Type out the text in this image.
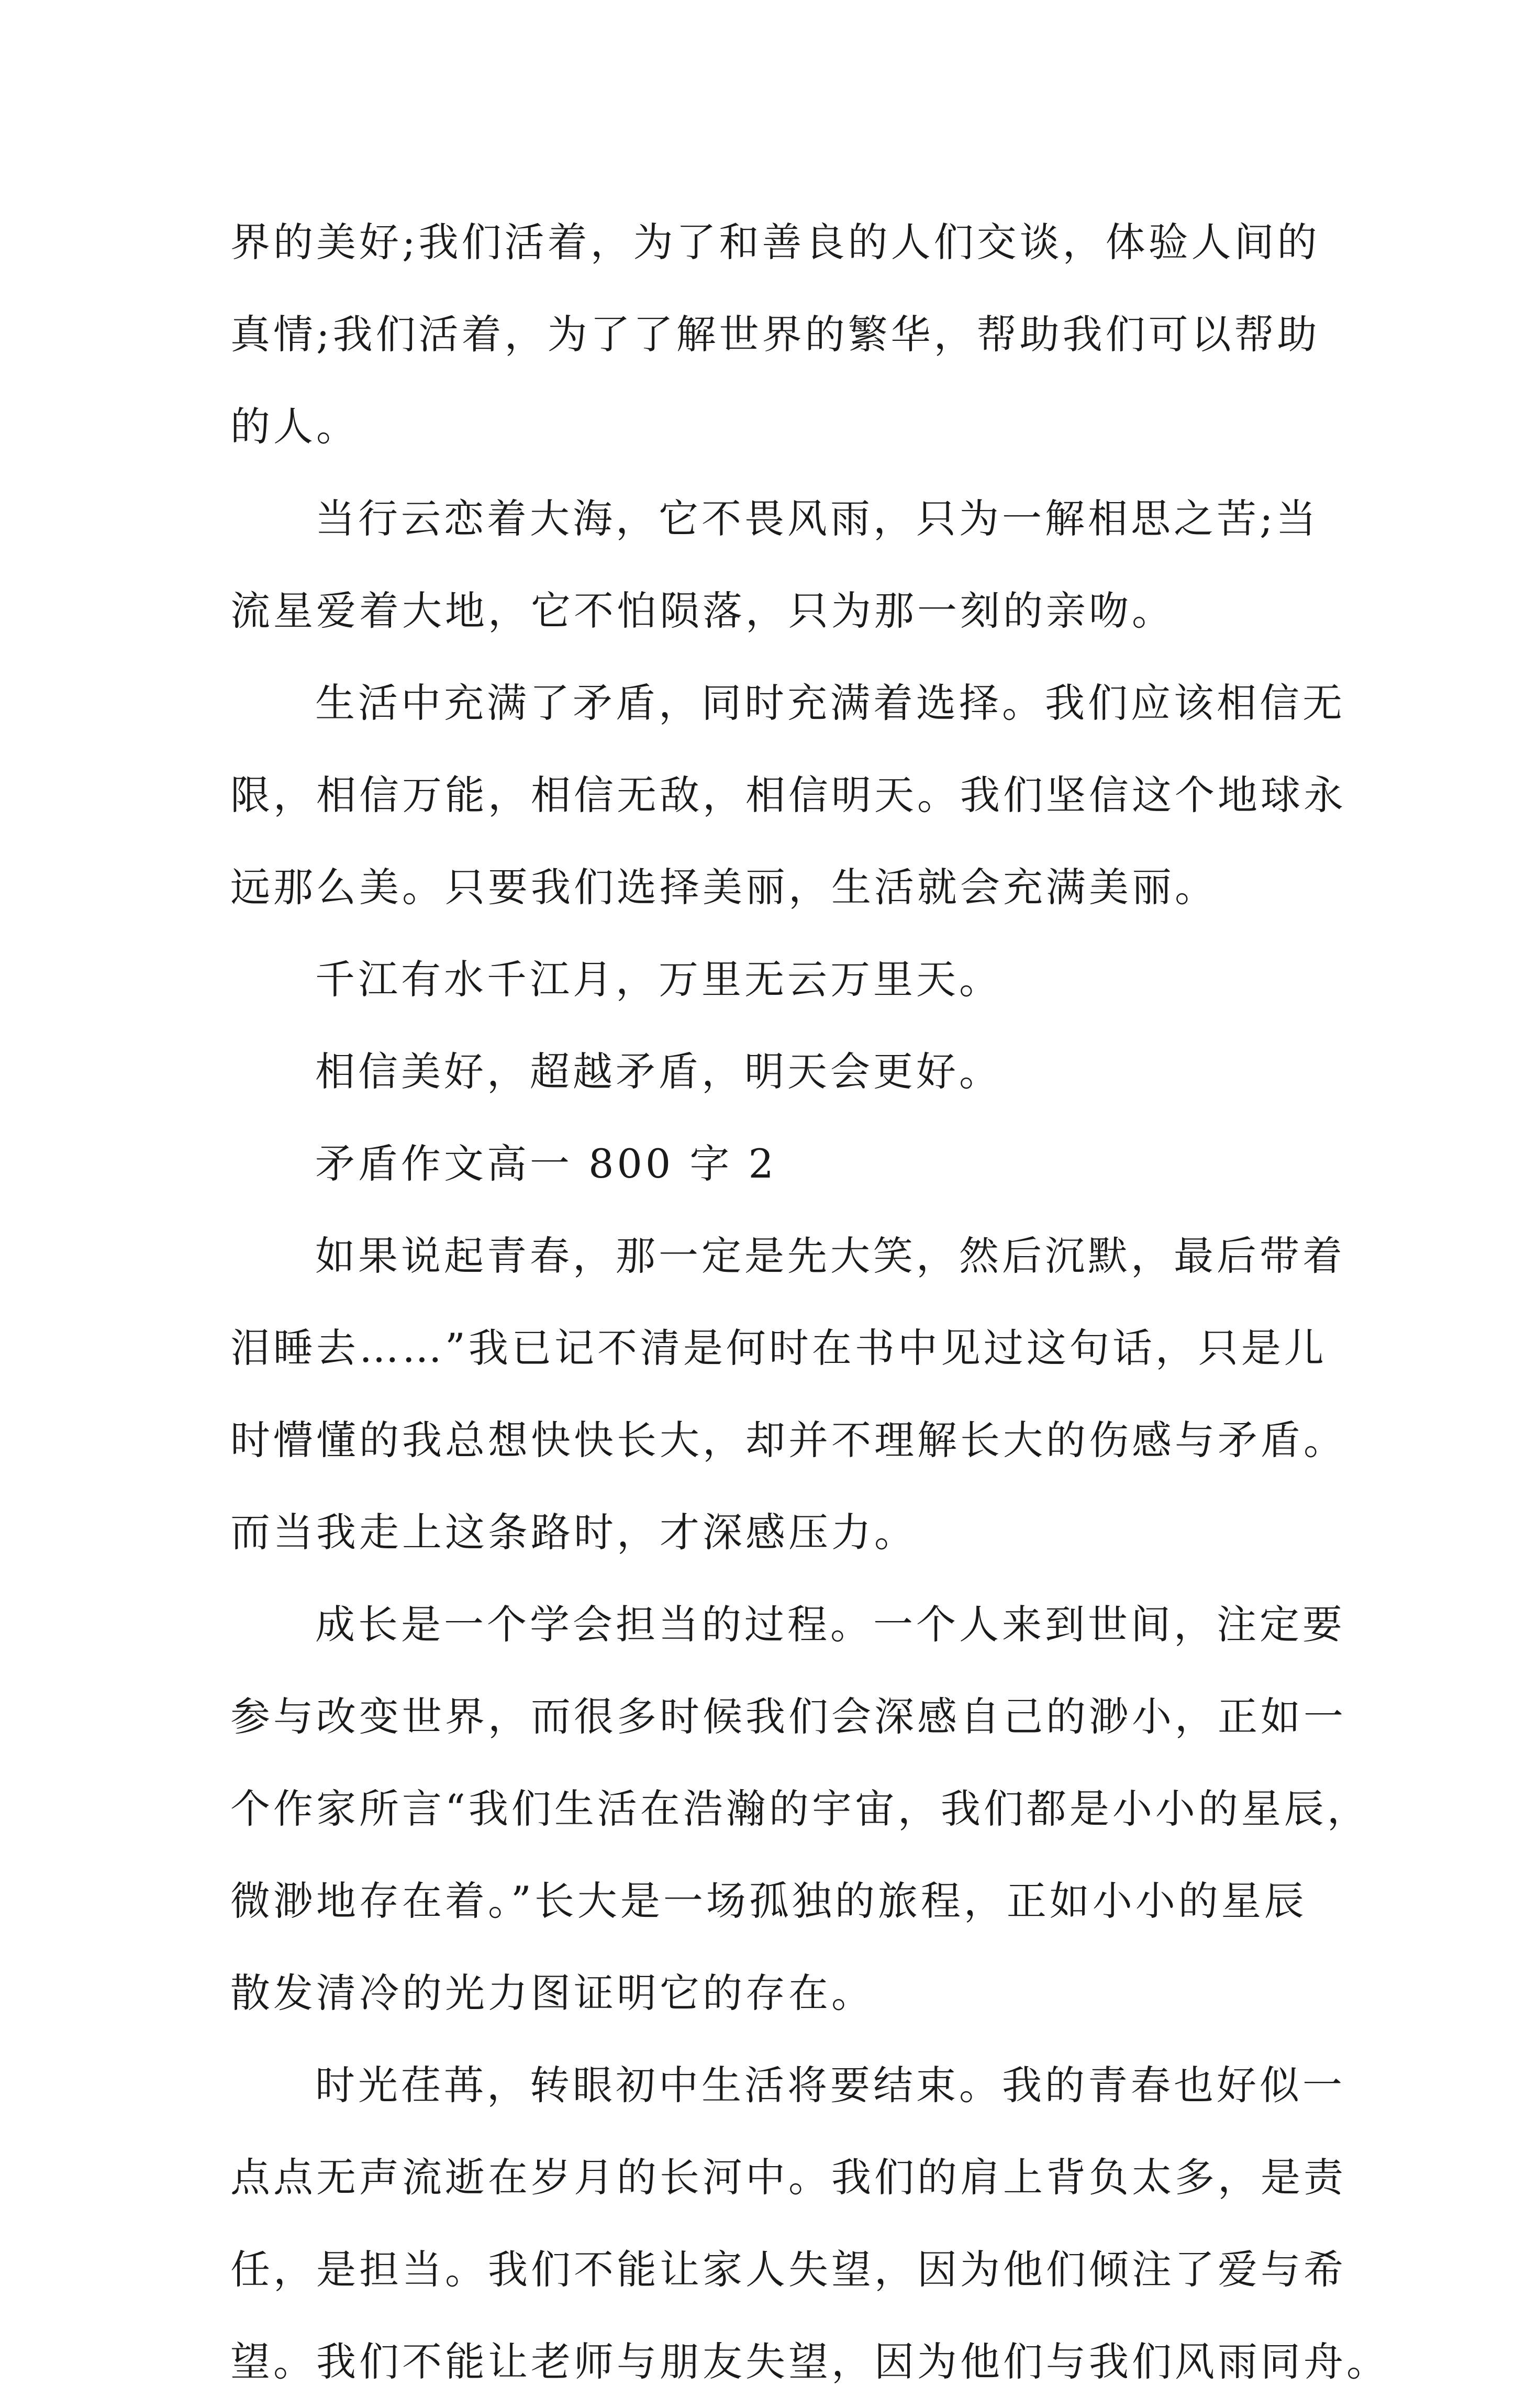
界的美好;我们活着，为了和善良的人们交谈，体验人间的
真情;我们活着，为了了解世界的繁华，帮助我们可以帮助
的人。
当行云恋着大海，它不畏风雨，只为一解相思之苦;当
流星爱着大地，它不怕陨落，只为那一刻的亲吻。
生活中充满了矛盾，同时充满着选择。我们应该相信无
限，相信万能，相信无敌，相信明天。我们坚信这个地球永
远那么美。只要我们选择美丽，生活就会充满美丽。
千江有水千江月，万里无云万里天。
相信美好，超越矛盾，明天会更好。
矛盾作文高一 800 字 2
如果说起青春，那一定是先大笑，然后沉默，最后带着
泪睡去……”我已记不清是何时在书中见过这句话，只是儿
时懵懂的我总想快快长大，却并不理解长大的伤感与矛盾。
而当我走上这条路时，才深感压力。
成长是一个学会担当的过程。一个人来到世间，注定要
参与改变世界，而很多时候我们会深感自己的渺小，正如一
个作家所言“我们生活在浩瀚的宇宙，我们都是小小的星辰，
微渺地存在着。”长大是一场孤独的旅程，正如小小的星辰
散发清冷的光力图证明它的存在。
时光荏苒，转眼初中生活将要结束。我的青春也好似一
点点无声流逝在岁月的长河中。我们的肩上背负太多，是责
任，是担当。我们不能让家人失望，因为他们倾注了爱与希
望。我们不能让老师与朋友失望，因为他们与我们风雨同舟。
